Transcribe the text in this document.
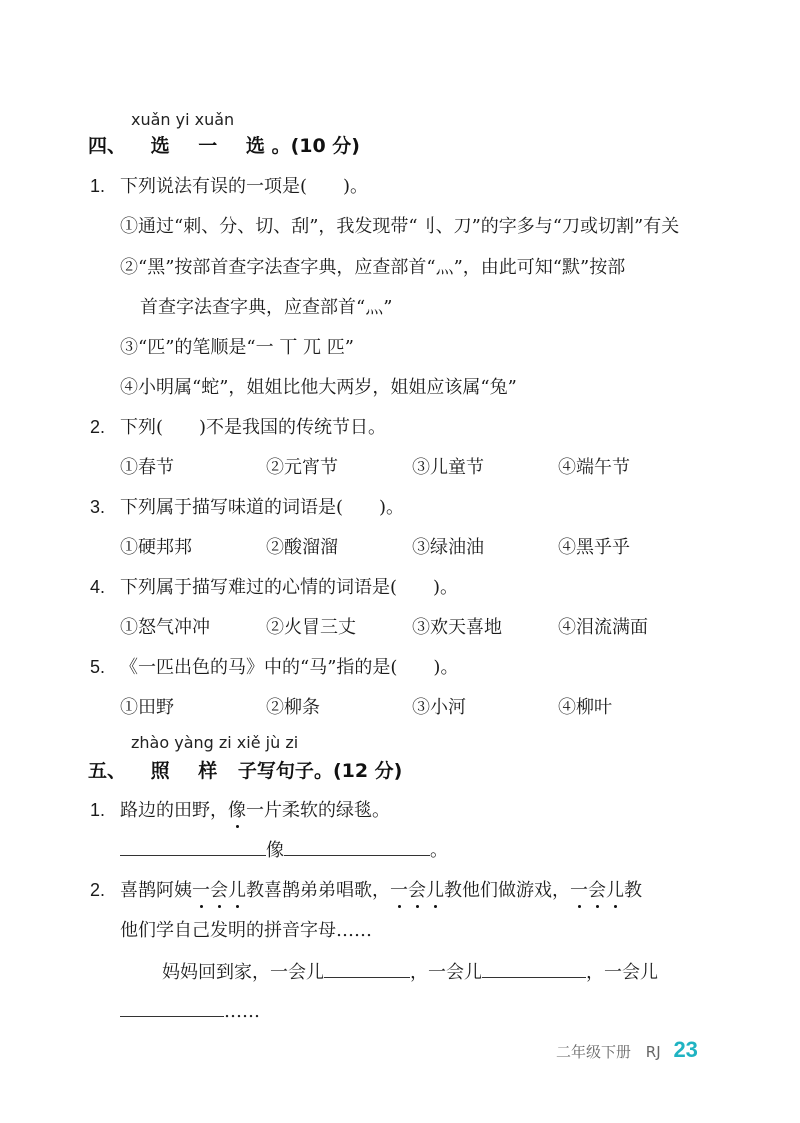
xuǎn yi xuǎn
四、 选 一 选 。(10 分)
1. 下列说法有误的一项是(　　)。
①通过“刺、分、切、刮”，我发现带“刂、刀”的字多与“刀或切割”有关
②“黑”按部首查字法查字典，应查部首“灬”，由此可知“默”按部
首查字法查字典，应查部首“灬”
③“匹”的笔顺是“一 丅 兀 匹”
④小明属“蛇”，姐姐比他大两岁，姐姐应该属“兔”
2. 下列(　　)不是我国的传统节日。
①春节	②元宵节	③儿童节	④端午节
3. 下列属于描写味道的词语是(　　)。
①硬邦邦	②酸溜溜	③绿油油	④黑乎乎
4. 下列属于描写难过的心情的词语是(　　)。
①怒气冲冲	②火冒三丈	③欢天喜地	④泪流满面
5. 《一匹出色的马》中的“马”指的是(　　)。
①田野	②柳条	③小河	④柳叶
zhào yàng zi xiě jù zi
五、 照 样 子写句子。(12 分)
1. 路边的田野，像一片柔软的绿毯。
像	。
2. 喜鹊阿姨一会儿教喜鹊弟弟唱歌，一会儿教他们做游戏，一会儿教
他们学自己发明的拼音字母……
妈妈回到家，一会儿	，一会儿	，一会儿
……
二年级下册 RJ 23
